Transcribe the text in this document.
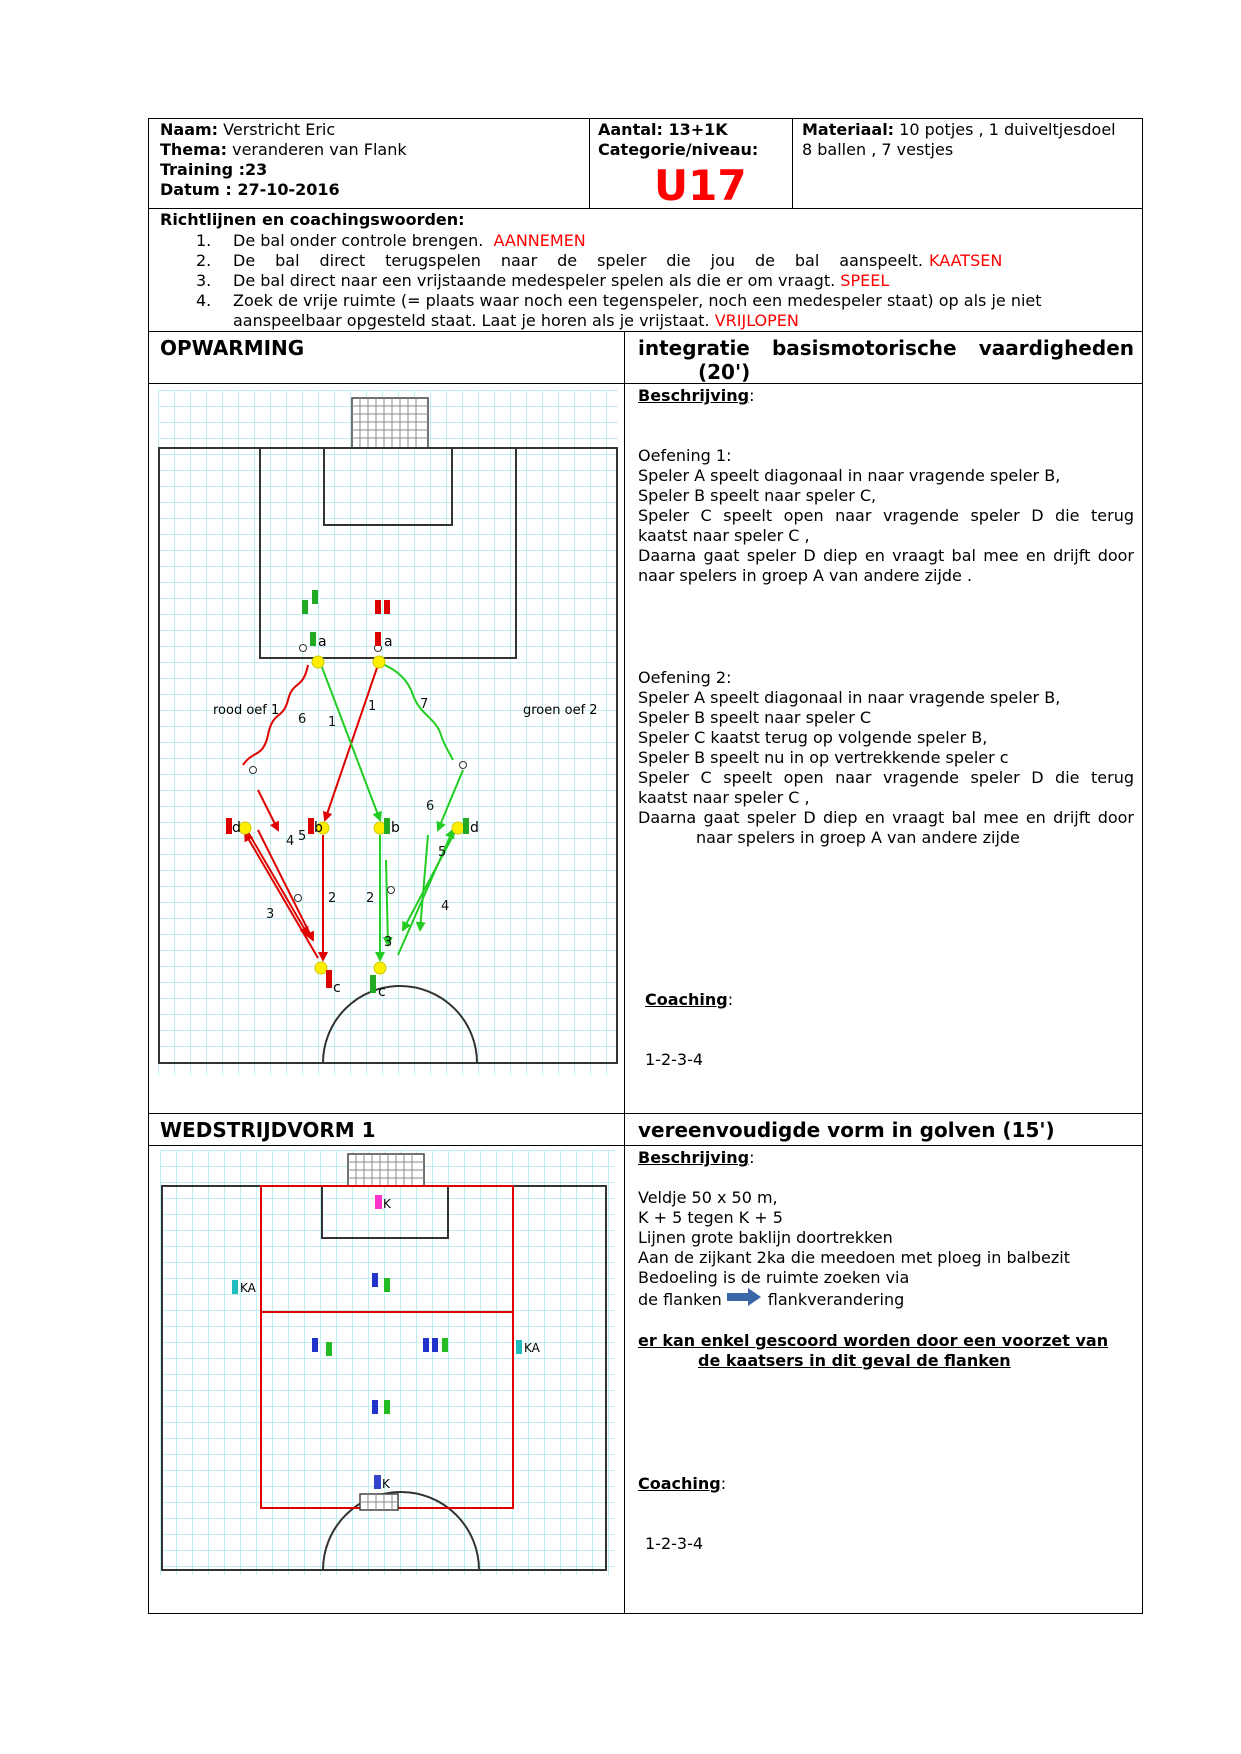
Naam: Verstricht Eric
Thema: veranderen van Flank
Training :23
Datum : 27-10-2016
Aantal: 13+1K
Categorie/niveau:
U17
Materiaal: 10 potjes , 1 duiveltjesdoel
8 ballen , 7 vestjes
Richtlijnen en coachingswoorden:
1. De bal onder controle brengen. AANNEMEN
2. De bal direct terugspelen naar de speler die jou de bal aanspeelt. KAATSEN
3. De bal direct naar een vrijstaande medespeler spelen als die er om vraagt. SPEEL
4. Zoek de vrije ruimte (= plaats waar noch een tegenspeler, noch een medespeler staat) op als je niet
aanspeelbaar opgesteld staat. Laat je horen als je vrijstaat. VRIJLOPEN
OPWARMING	integratie basismotorische vaardigheden
(20')
Beschrijving:
Oefening 1:
Speler A speelt diagonaal in naar vragende speler B,
Speler B speelt naar speler C,
Speler C speelt open naar vragende speler D die terug
kaatst naar speler C ,
Daarna gaat speler D diep en vraagt bal mee en drijft door
naar spelers in groep A van andere zijde .
Oefening 2:
Speler A speelt diagonaal in naar vragende speler B,
Speler B speelt naar speler C
Speler C kaatst terug op volgende speler B,
Speler B speelt nu in op vertrekkende speler c
Speler C speelt open naar vragende speler D die terug
kaatst naar speler C ,
Daarna gaat speler D diep en vraagt bal mee en drijft door
naar spelers in groep A van andere zijde
Coaching:
1-2-3-4
a	a
d	b	b	d
c	c
6 1
1	7
4 5
2
3
2
3
6
5
4
rood oef 1	groen oef 2
WEDSTRIJDVORM 1	vereenvoudigde vorm in golven (15')
Beschrijving:
Veldje 50 x 50 m,
K + 5 tegen K + 5
Lijnen grote baklijn doortrekken
Aan de zijkant 2ka die meedoen met ploeg in balbezit
Bedoeling is de ruimte zoeken via
de flanken	flankverandering
er kan enkel gescoord worden door een voorzet van
de kaatsers in dit geval de flanken
Coaching:
1-2-3-4
K
K
KA
KA
